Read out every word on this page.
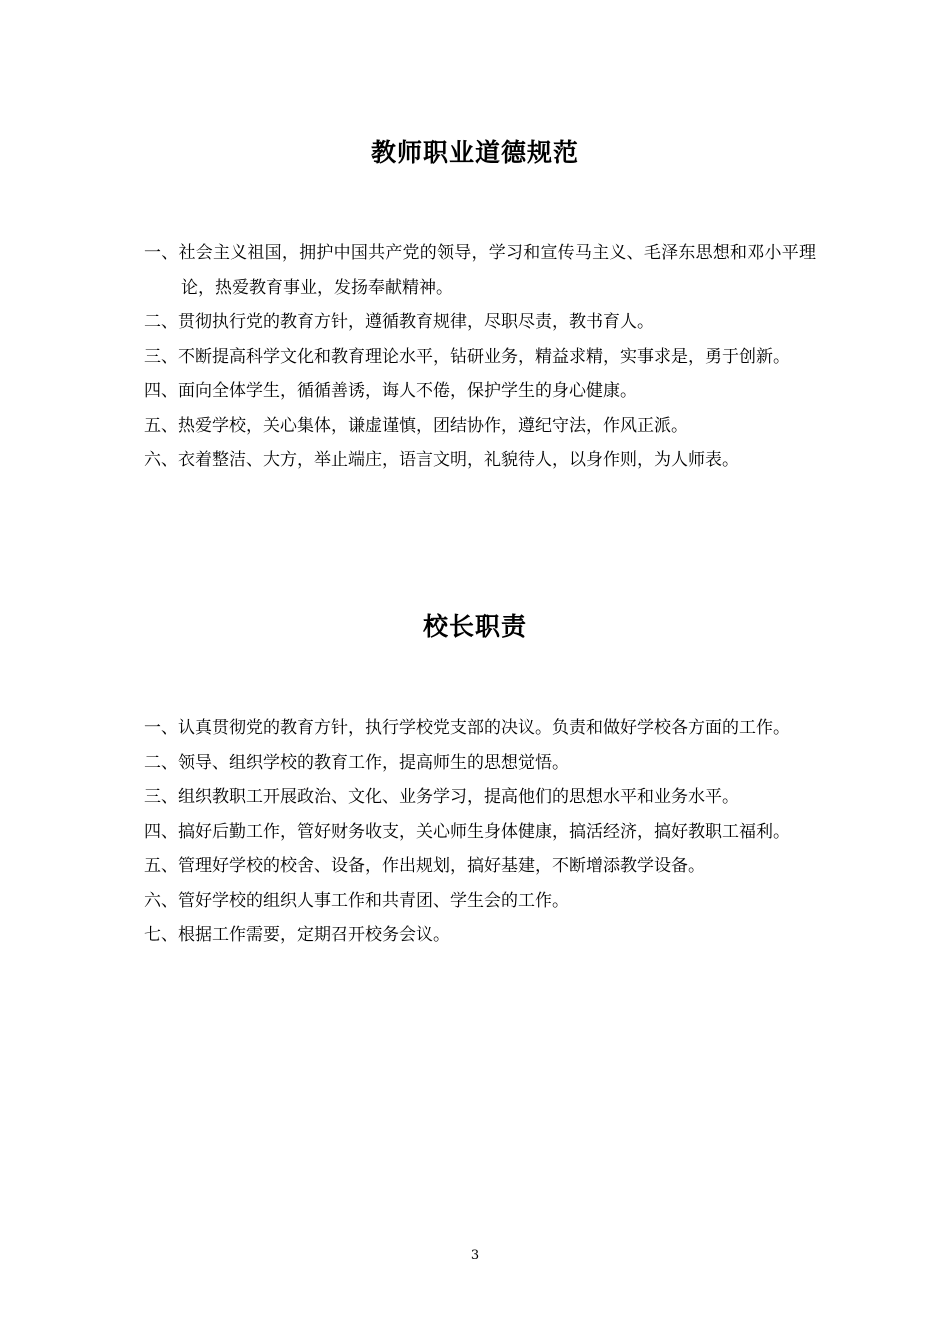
教师职业道德规范
一、社会主义祖国，拥护中国共产党的领导，学习和宣传马主义、毛泽东思想和邓小平理论，热爱教育事业，发扬奉献精神。
二、贯彻执行党的教育方针，遵循教育规律，尽职尽责，教书育人。
三、不断提高科学文化和教育理论水平，钻研业务，精益求精，实事求是，勇于创新。
四、面向全体学生，循循善诱，诲人不倦，保护学生的身心健康。
五、热爱学校，关心集体，谦虚谨慎，团结协作，遵纪守法，作风正派。
六、衣着整洁、大方，举止端庄，语言文明，礼貌待人，以身作则，为人师表。
校长职责
一、认真贯彻党的教育方针，执行学校党支部的决议。负责和做好学校各方面的工作。
二、领导、组织学校的教育工作，提高师生的思想觉悟。
三、组织教职工开展政治、文化、业务学习，提高他们的思想水平和业务水平。
四、搞好后勤工作，管好财务收支，关心师生身体健康，搞活经济，搞好教职工福利。
五、管理好学校的校舍、设备，作出规划，搞好基建，不断增添教学设备。
六、管好学校的组织人事工作和共青团、学生会的工作。
七、根据工作需要，定期召开校务会议。
3
